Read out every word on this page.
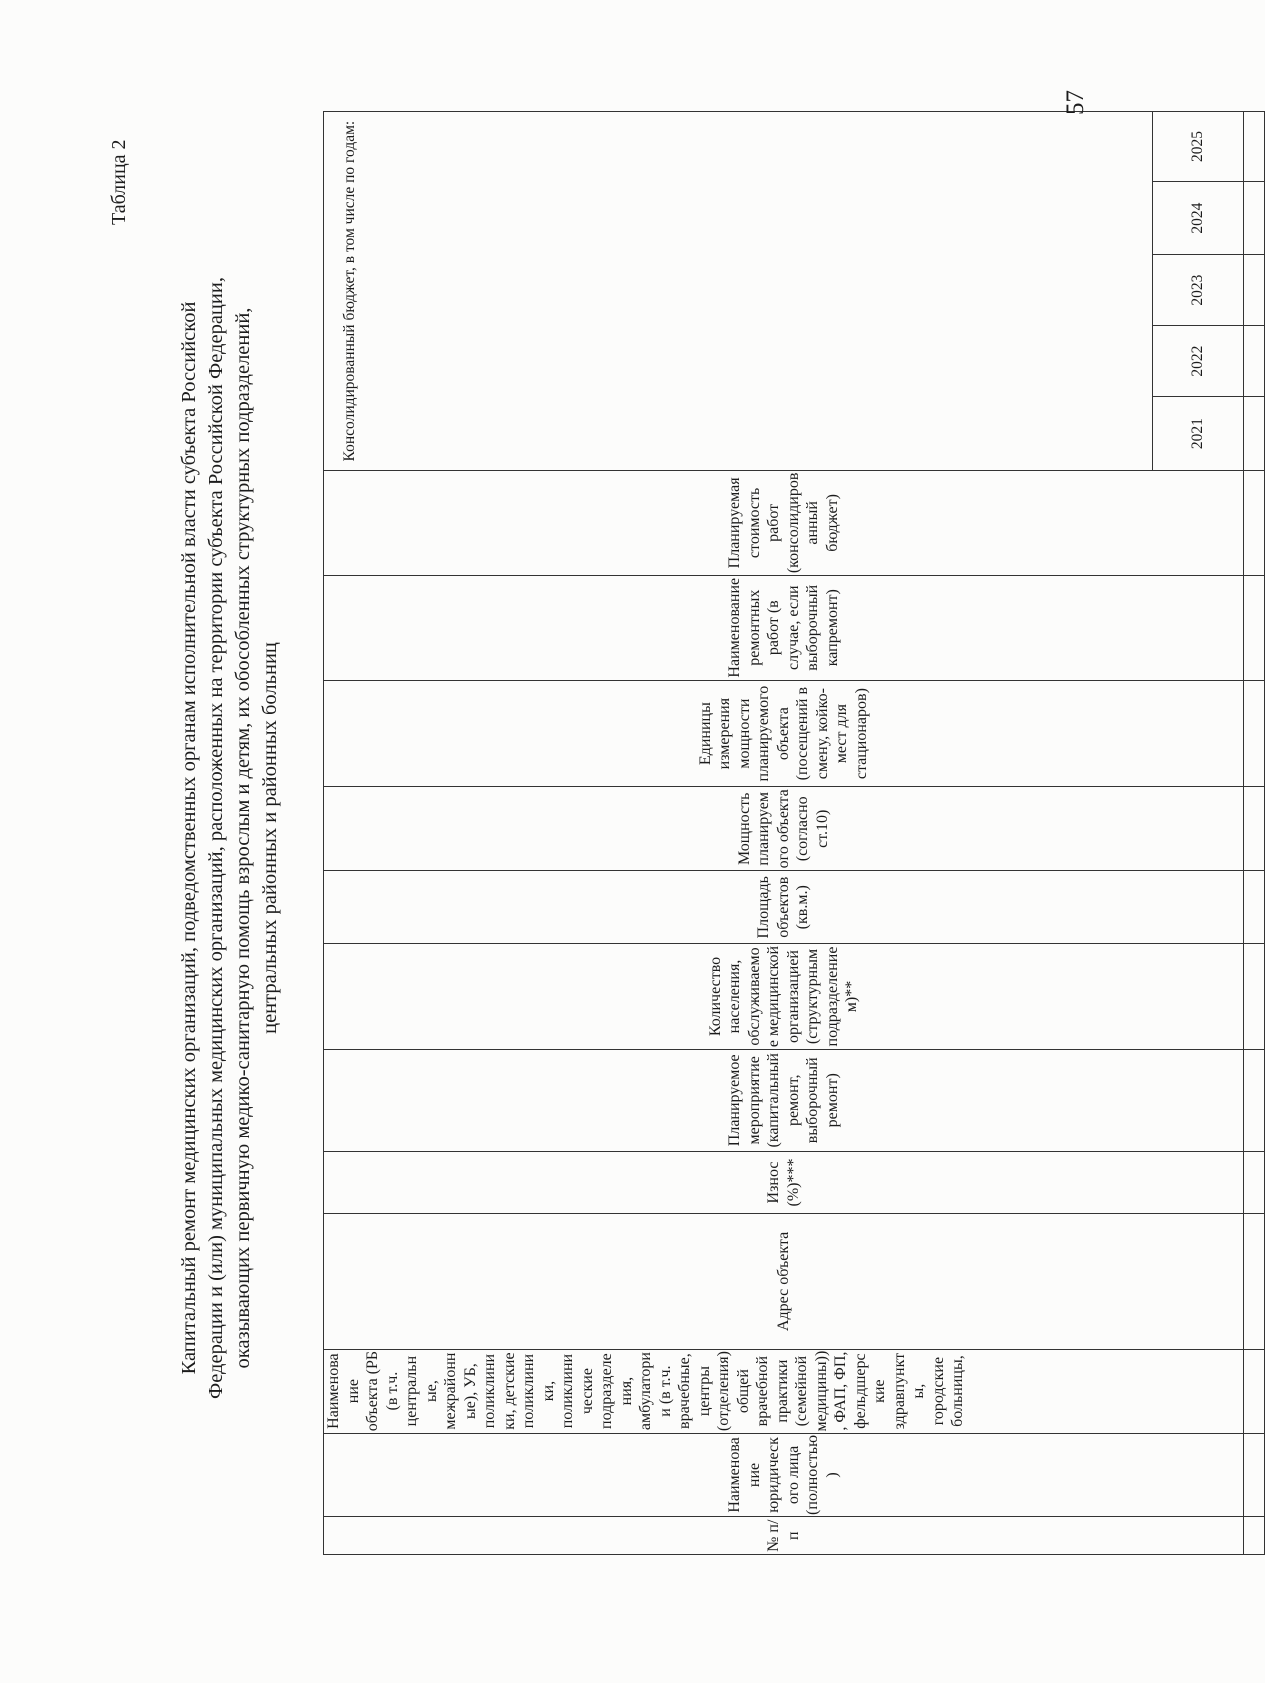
Таблица 2
Капитальный ремонт медицинских организаций, подведомственных органам исполнительной власти субъекта Российской Федерации и (или) муниципальных медицинских организаций, расположенных на территории субъекта Российской Федерации, оказывающих первичную медико-санитарную помощь взрослым и детям, их обособленных структурных подразделений, центральных районных и районных больниц
№ п/п	Наименование юридического лица (полностью)	Наименование объекта (РБ (в т.ч. центральные, межрайонные), УБ, поликлиники, детские поликлиники, поликлинические подразделения, амбулатории (в т.ч. врачебные, центры (отделения) общей врачебной практики (семейной медицины)), ФАП, ФП, фельдшерские здравпункты, городские больницы,	Адрес объекта	Износ (%)***	Планируемое мероприятие (капитальный ремонт, выборочный ремонт)	Количество населения, обслуживаемое медицинской организацией (структурным подразделением)**	Площадь объектов (кв.м.)	Мощность планируемого объекта (согласно ст.10)	Единицы измерения мощности планируемого объекта (посещений в смену, койко-мест для стационаров)	Наименование ремонтных работ (в случае, если выборочный капремонт)	Планируемая стоимость работ (консолидированный бюджет)	Консолидированный бюджет, в том числе по годам:				
												2021	2022	2023	2024	2025

57
